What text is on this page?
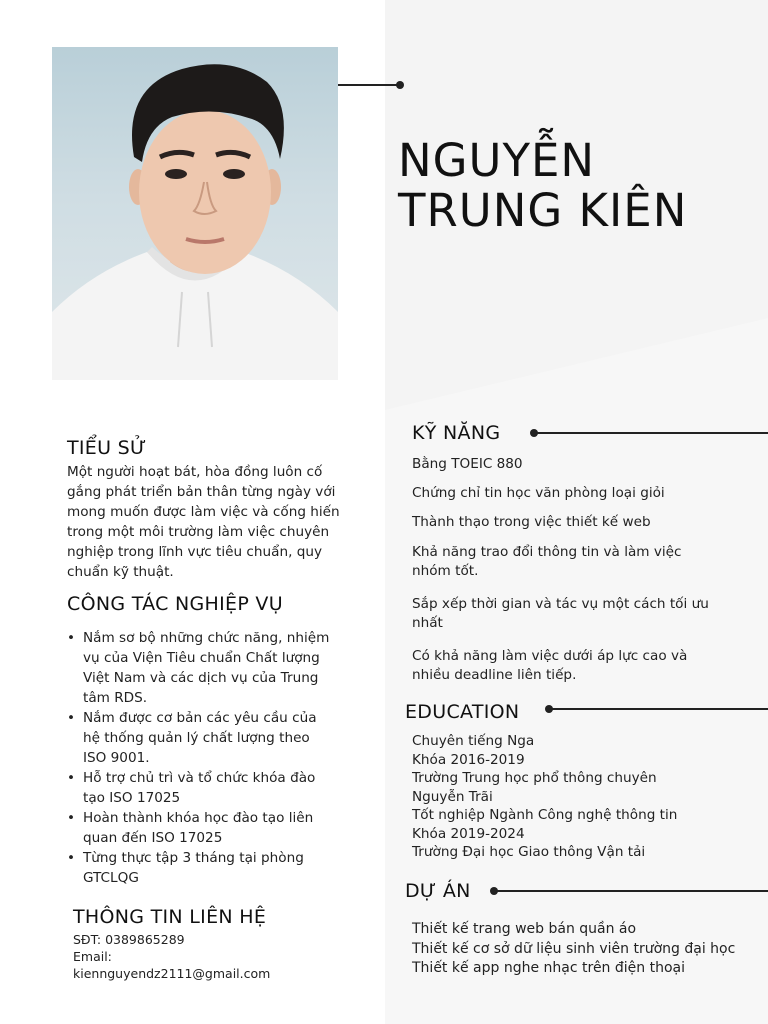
NGUYỄN
TRUNG KIÊN
TIỂU SỬ
Một người hoạt bát, hòa đồng luôn cố gắng phát triển bản thân từng ngày với mong muốn được làm việc và cống hiến trong một môi trường làm việc chuyên nghiệp trong lĩnh vực tiêu chuẩn, quy chuẩn kỹ thuật.
CÔNG TÁC NGHIỆP VỤ
• Nắm sơ bộ những chức năng, nhiệm vụ của Viện Tiêu chuẩn Chất lượng Việt Nam và các dịch vụ của Trung tâm RDS.
• Nắm được cơ bản các yêu cầu của hệ thống quản lý chất lượng theo ISO 9001.
• Hỗ trợ chủ trì và tổ chức khóa đào tạo ISO 17025
• Hoàn thành khóa học đào tạo liên quan đến ISO 17025
• Từng thực tập 3 tháng tại phòng GTCLQG
THÔNG TIN LIÊN HỆ
SĐT: 0389865289
Email:
kiennguyendz2111@gmail.com
KỸ NĂNG
Bằng TOEIC 880
Chứng chỉ tin học văn phòng loại giỏi
Thành thạo trong việc thiết kế web
Khả năng trao đổi thông tin và làm việc nhóm tốt.
Sắp xếp thời gian và tác vụ một cách tối ưu nhất
Có khả năng làm việc dưới áp lực cao và nhiều deadline liên tiếp.
EDUCATION
Chuyên tiếng Nga
Khóa 2016-2019
Trường Trung học phổ thông chuyên Nguyễn Trãi
Tốt nghiệp Ngành Công nghệ thông tin
Khóa 2019-2024
Trường Đại học Giao thông Vận tải
DỰ ÁN
Thiết kế trang web bán quần áo
Thiết kế cơ sở dữ liệu sinh viên trường đại học
Thiết kế app nghe nhạc trên điện thoại
